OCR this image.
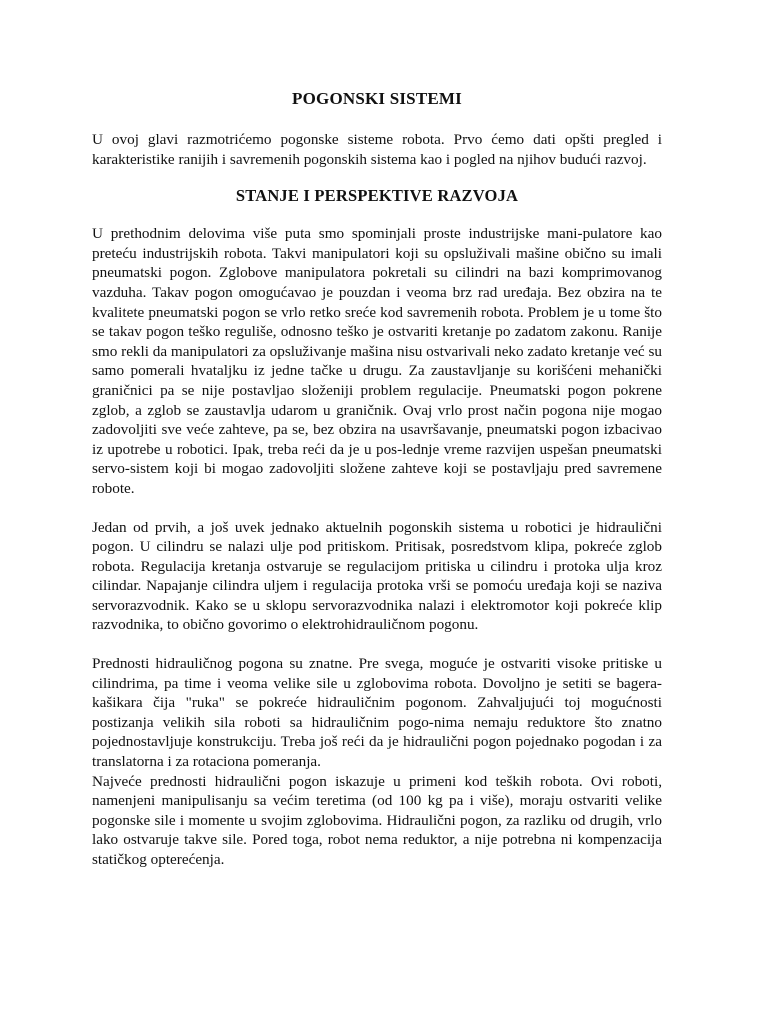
POGONSKI SISTEMI

U ovoj glavi razmotrićemo pogonske sisteme robota. Prvo ćemo dati opšti pregled i karakteristike ranijih i savremenih pogonskih sistema kao i pogled na njihov budući razvoj.

STANJE I PERSPEKTIVE RAZVOJA

U prethodnim delovima više puta smo spominjali proste industrijske mani-pulatore kao preteću industrijskih robota. Takvi manipulatori koji su opsluživali mašine obično su imali pneumatski pogon. Zglobove manipulatora pokretali su cilindri na bazi komprimovanog vazduha. Takav pogon omogućavao je pouzdan i veoma brz rad uređaja. Bez obzira na te kvalitete pneumatski pogon se vrlo retko sreće kod savremenih robota. Problem je u tome što se takav pogon teško reguliše, odnosno teško je ostvariti kretanje po zadatom zakonu. Ranije smo rekli da manipulatori za opsluživanje mašina nisu ostvarivali neko zadato kretanje već su samo pomerali hvataljku iz jedne tačke u drugu. Za zaustavljanje su korišćeni mehanički graničnici pa se nije postavljao složeniji problem regulacije. Pneumatski pogon pokrene zglob, a zglob se zaustavlja udarom u graničnik. Ovaj vrlo prost način pogona nije mogao zadovoljiti sve veće zahteve, pa se, bez obzira na usavršavanje, pneumatski pogon izbacivao iz upotrebe u robotici. Ipak, treba reći da je u pos-lednje vreme razvijen uspešan pneumatski servo-sistem koji bi mogao zadovoljiti složene zahteve koji se postavljaju pred savremene robote.

Jedan od prvih, a još uvek jednako aktuelnih pogonskih sistema u robotici je hidraulični pogon. U cilindru se nalazi ulje pod pritiskom. Pritisak, posredstvom klipa, pokreće zglob robota. Regulacija kretanja ostvaruje se regulacijom pritiska u cilindru i protoka ulja kroz cilindar. Napajanje cilindra uljem i regulacija protoka vrši se pomoću uređaja koji se naziva servorazvodnik. Kako se u sklopu servorazvodnika nalazi i elektromotor koji pokreće klip razvodnika, to obično govorimo o elektrohidrauličnom pogonu.

Prednosti hidrauličnog pogona su znatne. Pre svega, moguće je ostvariti visoke pritiske u cilindrima, pa time i veoma velike sile u zglobovima robota. Dovoljno je setiti se bagera-kašikara čija "ruka" se pokreće hidrauličnim pogonom. Zahvaljujući toj mogućnosti postizanja velikih sila roboti sa hidrauličnim pogo-nima nemaju reduktore što znatno pojednostavljuje konstrukciju. Treba još reći da je hidraulični pogon pojednako pogodan i za translatorna i za rotaciona pomeranja.

Najveće prednosti hidraulični pogon iskazuje u primeni kod teških robota. Ovi roboti, namenjeni manipulisanju sa većim teretima (od 100 kg pa i više), moraju ostvariti velike pogonske sile i momente u svojim zglobovima. Hidraulični pogon, za razliku od drugih, vrlo lako ostvaruje takve sile. Pored toga, robot nema reduktor, a nije potrebna ni kompenzacija statičkog opterećenja.
